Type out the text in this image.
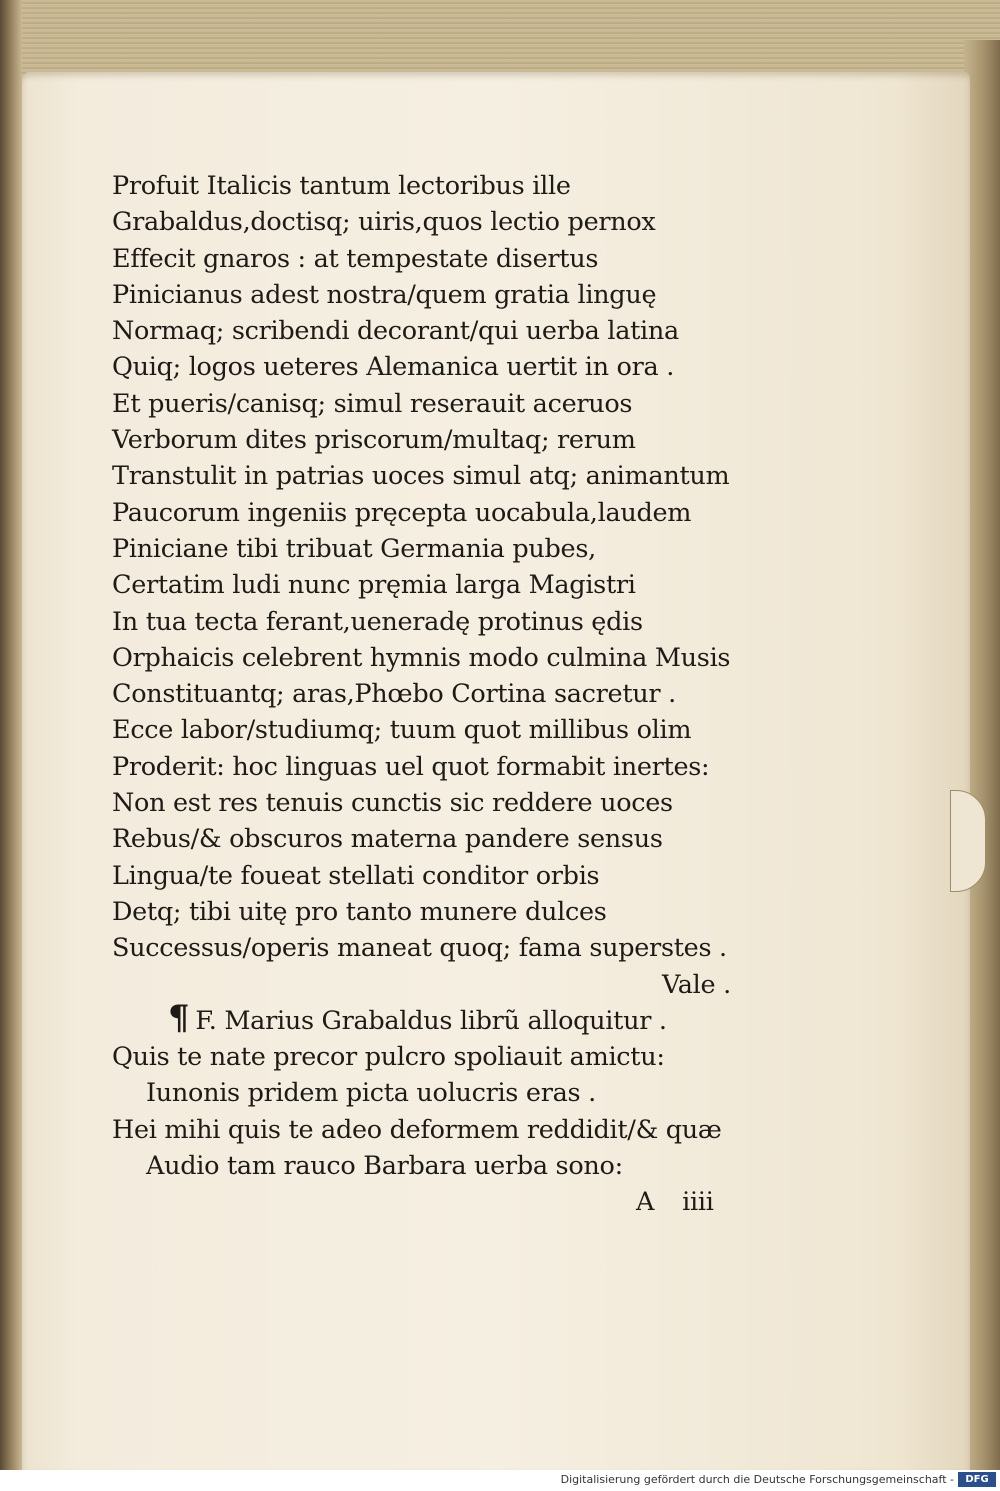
Profuit Italicis tantum lectoribus ille
Grabaldus,doctisq; uiris,quos lectio pernox
Effecit gnaros : at tempestate disertus
Pinicianus adest nostra/quem gratia linguę
Normaq; scribendi decorant/qui uerba latina
Quiq; logos ueteres Alemanica uertit in ora .
Et pueris/canisq; simul reserauit aceruos
Verborum dites priscorum/multaq; rerum
Transtulit in patrias uoces simul atq; animantum
Paucorum ingeniis pręcepta uocabula,laudem
Piniciane tibi tribuat Germania pubes,
Certatim ludi nunc pręmia larga Magistri
In tua tecta ferant,ueneradę protinus ędis
Orphaicis celebrent hymnis modo culmina Musis
Constituantq; aras,Phœbo Cortina sacretur .
Ecce labor/studiumq; tuum quot millibus olim
Proderit: hoc linguas uel quot formabit inertes:
Non est res tenuis cunctis sic reddere uoces
Rebus/& obscuros materna pandere sensus
Lingua/te foueat stellati conditor orbis
Detq; tibi uitę pro tanto munere dulces
Successus/operis maneat quoq; fama superstes .
Vale .
¶ F. Marius Grabaldus librũ alloquitur .
Quis te nate precor pulcro spoliauit amictu:
Iunonis pridem picta uolucris eras .
Hei mihi quis te adeo deformem reddidit/& quæ
Audio tam rauco Barbara uerba sono:
A iiii
Digitalisierung gefördert durch die Deutsche Forschungsgemeinschaft -	DFG
